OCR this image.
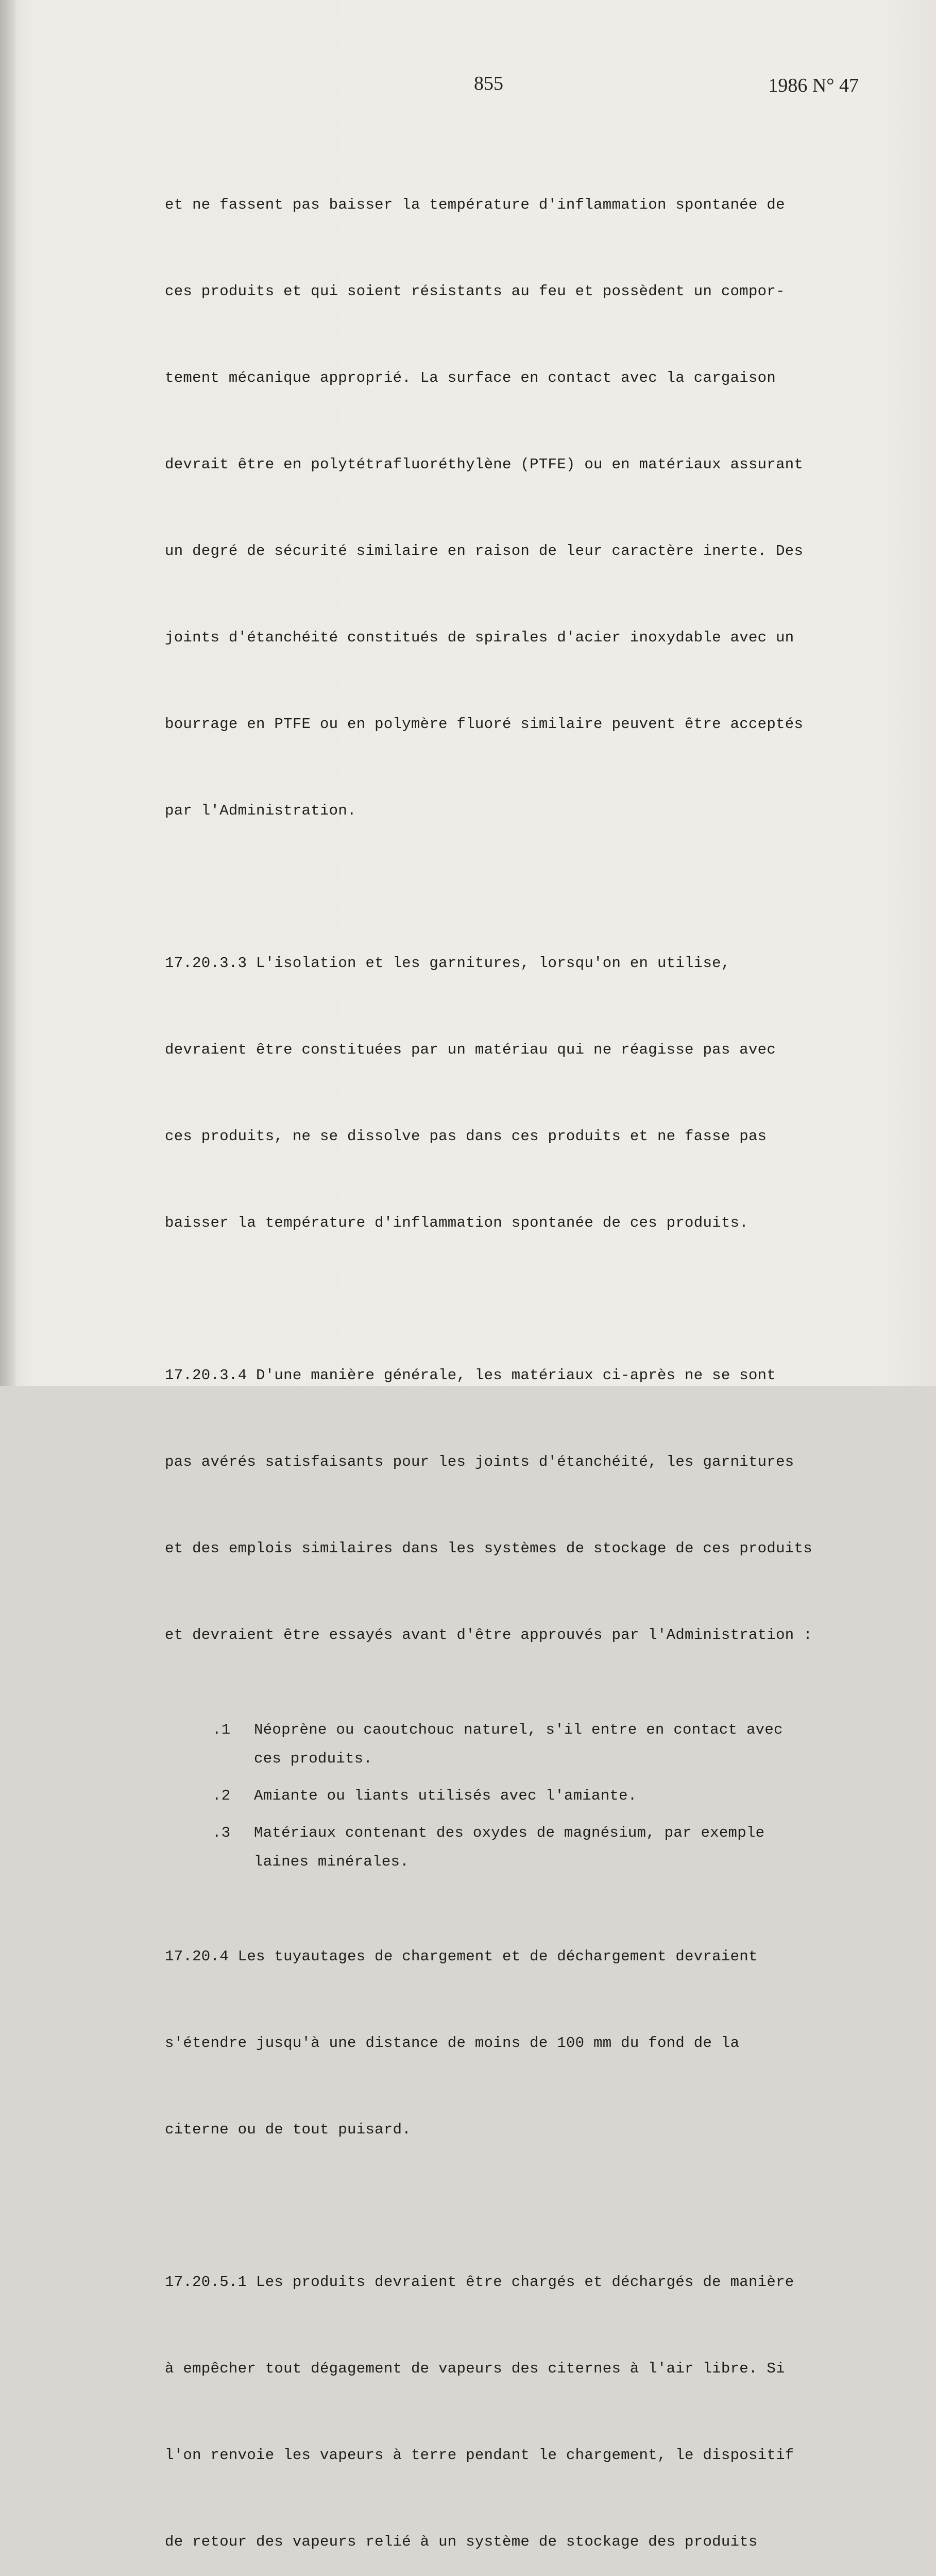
855	1986 N° 47

et ne fassent pas baisser la température d'inflammation spontanée de

ces produits et qui soient résistants au feu et possèdent un compor-

tement mécanique approprié. La surface en contact avec la cargaison

devrait être en polytétrafluoréthylène (PTFE) ou en matériaux assurant

un degré de sécurité similaire en raison de leur caractère inerte. Des

joints d'étanchéité constitués de spirales d'acier inoxydable avec un

bourrage en PTFE ou en polymère fluoré similaire peuvent être acceptés

par l'Administration.

17.20.3.3 L'isolation et les garnitures, lorsqu'on en utilise,

devraient être constituées par un matériau qui ne réagisse pas avec

ces produits, ne se dissolve pas dans ces produits et ne fasse pas

baisser la température d'inflammation spontanée de ces produits.

17.20.3.4 D'une manière générale, les matériaux ci-après ne se sont

pas avérés satisfaisants pour les joints d'étanchéité, les garnitures

et des emplois similaires dans les systèmes de stockage de ces produits

et devraient être essayés avant d'être approuvés par l'Administration :

.1 Néoprène ou caoutchouc naturel, s'il entre en contact avec
ces produits.
.2 Amiante ou liants utilisés avec l'amiante.
.3 Matériaux contenant des oxydes de magnésium, par exemple
laines minérales.

17.20.4 Les tuyautages de chargement et de déchargement devraient

s'étendre jusqu'à une distance de moins de 100 mm du fond de la

citerne ou de tout puisard.

17.20.5.1 Les produits devraient être chargés et déchargés de manière

à empêcher tout dégagement de vapeurs des citernes à l'air libre. Si

l'on renvoie les vapeurs à terre pendant le chargement, le dispositif

de retour des vapeurs relié à un système de stockage des produits
